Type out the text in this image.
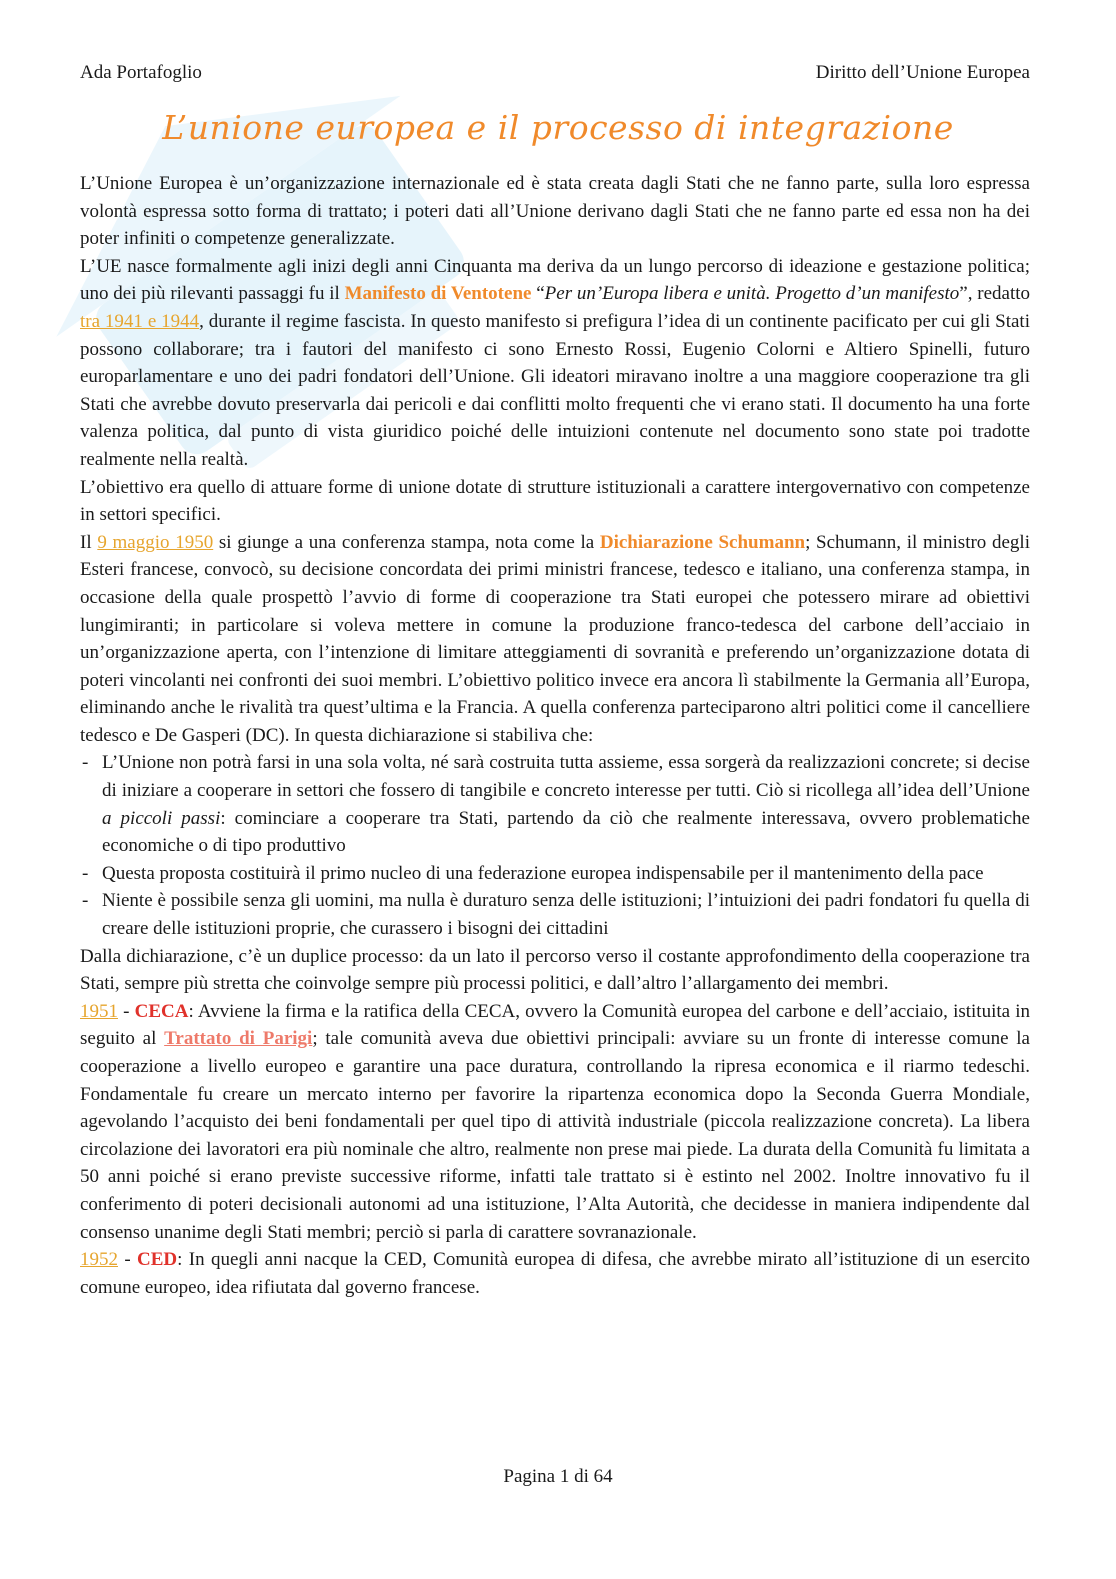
Ada Portafoglio	Diritto dell’Unione Europea
L’unione europea e il processo di integrazione

L’Unione Europea è un’organizzazione internazionale ed è stata creata dagli Stati che ne fanno parte, sulla loro espressa volontà espressa sotto forma di trattato; i poteri dati all’Unione derivano dagli Stati che ne fanno parte ed essa non ha dei poter infiniti o competenze generalizzate.

L’UE nasce formalmente agli inizi degli anni Cinquanta ma deriva da un lungo percorso di ideazione e gestazione politica; uno dei più rilevanti passaggi fu il Manifesto di Ventotene “Per un’Europa libera e unità. Progetto d’un manifesto”, redatto tra 1941 e 1944, durante il regime fascista. In questo manifesto si prefigura l’idea di un continente pacificato per cui gli Stati possono collaborare; tra i fautori del manifesto ci sono Ernesto Rossi, Eugenio Colorni e Altiero Spinelli, futuro europarlamentare e uno dei padri fondatori dell’Unione. Gli ideatori miravano inoltre a una maggiore cooperazione tra gli Stati che avrebbe dovuto preservarla dai pericoli e dai conflitti molto frequenti che vi erano stati. Il documento ha una forte valenza politica, dal punto di vista giuridico poiché delle intuizioni contenute nel documento sono state poi tradotte realmente nella realtà.

L’obiettivo era quello di attuare forme di unione dotate di strutture istituzionali a carattere intergovernativo con competenze in settori specifici.

Il 9 maggio 1950 si giunge a una conferenza stampa, nota come la Dichiarazione Schumann; Schumann, il ministro degli Esteri francese, convocò, su decisione concordata dei primi ministri francese, tedesco e italiano, una conferenza stampa, in occasione della quale prospettò l’avvio di forme di cooperazione tra Stati europei che potessero mirare ad obiettivi lungimiranti; in particolare si voleva mettere in comune la produzione franco-tedesca del carbone dell’acciaio in un’organizzazione aperta, con l’intenzione di limitare atteggiamenti di sovranità e preferendo un’organizzazione dotata di poteri vincolanti nei confronti dei suoi membri. L’obiettivo politico invece era ancora lì stabilmente la Germania all’Europa, eliminando anche le rivalità tra quest’ultima e la Francia. A quella conferenza parteciparono altri politici come il cancelliere tedesco e De Gasperi (DC). In questa dichiarazione si stabiliva che:

- L’Unione non potrà farsi in una sola volta, né sarà costruita tutta assieme, essa sorgerà da realizzazioni concrete; si decise di iniziare a cooperare in settori che fossero di tangibile e concreto interesse per tutti. Ciò si ricollega all’idea dell’Unione a piccoli passi: cominciare a cooperare tra Stati, partendo da ciò che realmente interessava, ovvero problematiche economiche o di tipo produttivo
- Questa proposta costituirà il primo nucleo di una federazione europea indispensabile per il mantenimento della pace
- Niente è possibile senza gli uomini, ma nulla è duraturo senza delle istituzioni; l’intuizioni dei padri fondatori fu quella di creare delle istituzioni proprie, che curassero i bisogni dei cittadini

Dalla dichiarazione, c’è un duplice processo: da un lato il percorso verso il costante approfondimento della cooperazione tra Stati, sempre più stretta che coinvolge sempre più processi politici, e dall’altro l’allargamento dei membri.

1951 - CECA: Avviene la firma e la ratifica della CECA, ovvero la Comunità europea del carbone e dell’acciaio, istituita in seguito al Trattato di Parigi; tale comunità aveva due obiettivi principali: avviare su un fronte di interesse comune la cooperazione a livello europeo e garantire una pace duratura, controllando la ripresa economica e il riarmo tedeschi. Fondamentale fu creare un mercato interno per favorire la ripartenza economica dopo la Seconda Guerra Mondiale, agevolando l’acquisto dei beni fondamentali per quel tipo di attività industriale (piccola realizzazione concreta). La libera circolazione dei lavoratori era più nominale che altro, realmente non prese mai piede. La durata della Comunità fu limitata a 50 anni poiché si erano previste successive riforme, infatti tale trattato si è estinto nel 2002. Inoltre innovativo fu il conferimento di poteri decisionali autonomi ad una istituzione, l’Alta Autorità, che decidesse in maniera indipendente dal consenso unanime degli Stati membri; perciò si parla di carattere sovranazionale.

1952 - CED: In quegli anni nacque la CED, Comunità europea di difesa, che avrebbe mirato all’istituzione di un esercito comune europeo, idea rifiutata dal governo francese.

Pagina 1 di 64
